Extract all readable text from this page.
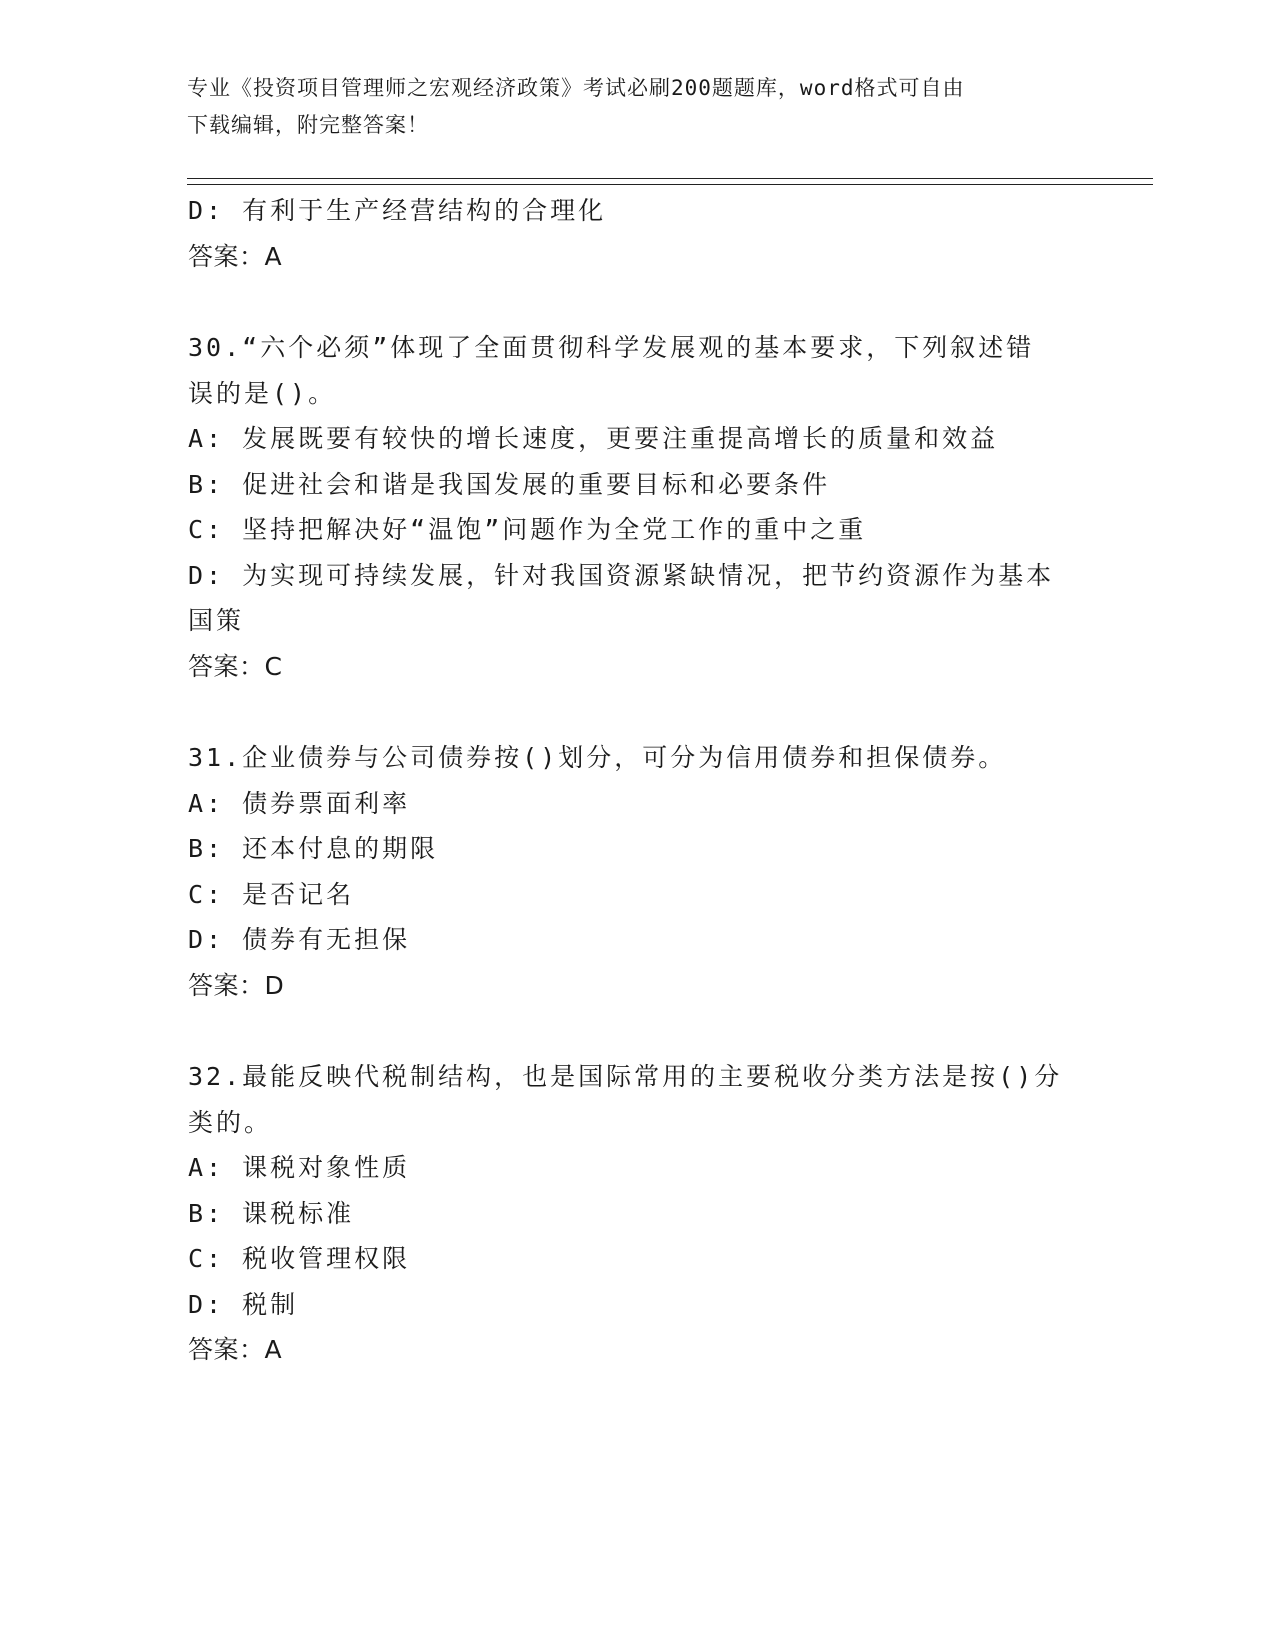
专业《投资项目管理师之宏观经济政策》考试必刷200题题库，word格式可自由
下载编辑，附完整答案！
D: 有利于生产经营结构的合理化
答案：A
30.“六个必须”体现了全面贯彻科学发展观的基本要求，下列叙述错
误的是()。
A: 发展既要有较快的增长速度，更要注重提高增长的质量和效益
B: 促进社会和谐是我国发展的重要目标和必要条件
C: 坚持把解决好“温饱”问题作为全党工作的重中之重
D: 为实现可持续发展，针对我国资源紧缺情况，把节约资源作为基本
国策
答案：C
31.企业债券与公司债券按()划分，可分为信用债券和担保债券。
A: 债券票面利率
B: 还本付息的期限
C: 是否记名
D: 债券有无担保
答案：D
32.最能反映代税制结构，也是国际常用的主要税收分类方法是按()分
类的。
A: 课税对象性质
B: 课税标准
C: 税收管理权限
D: 税制
答案：A
